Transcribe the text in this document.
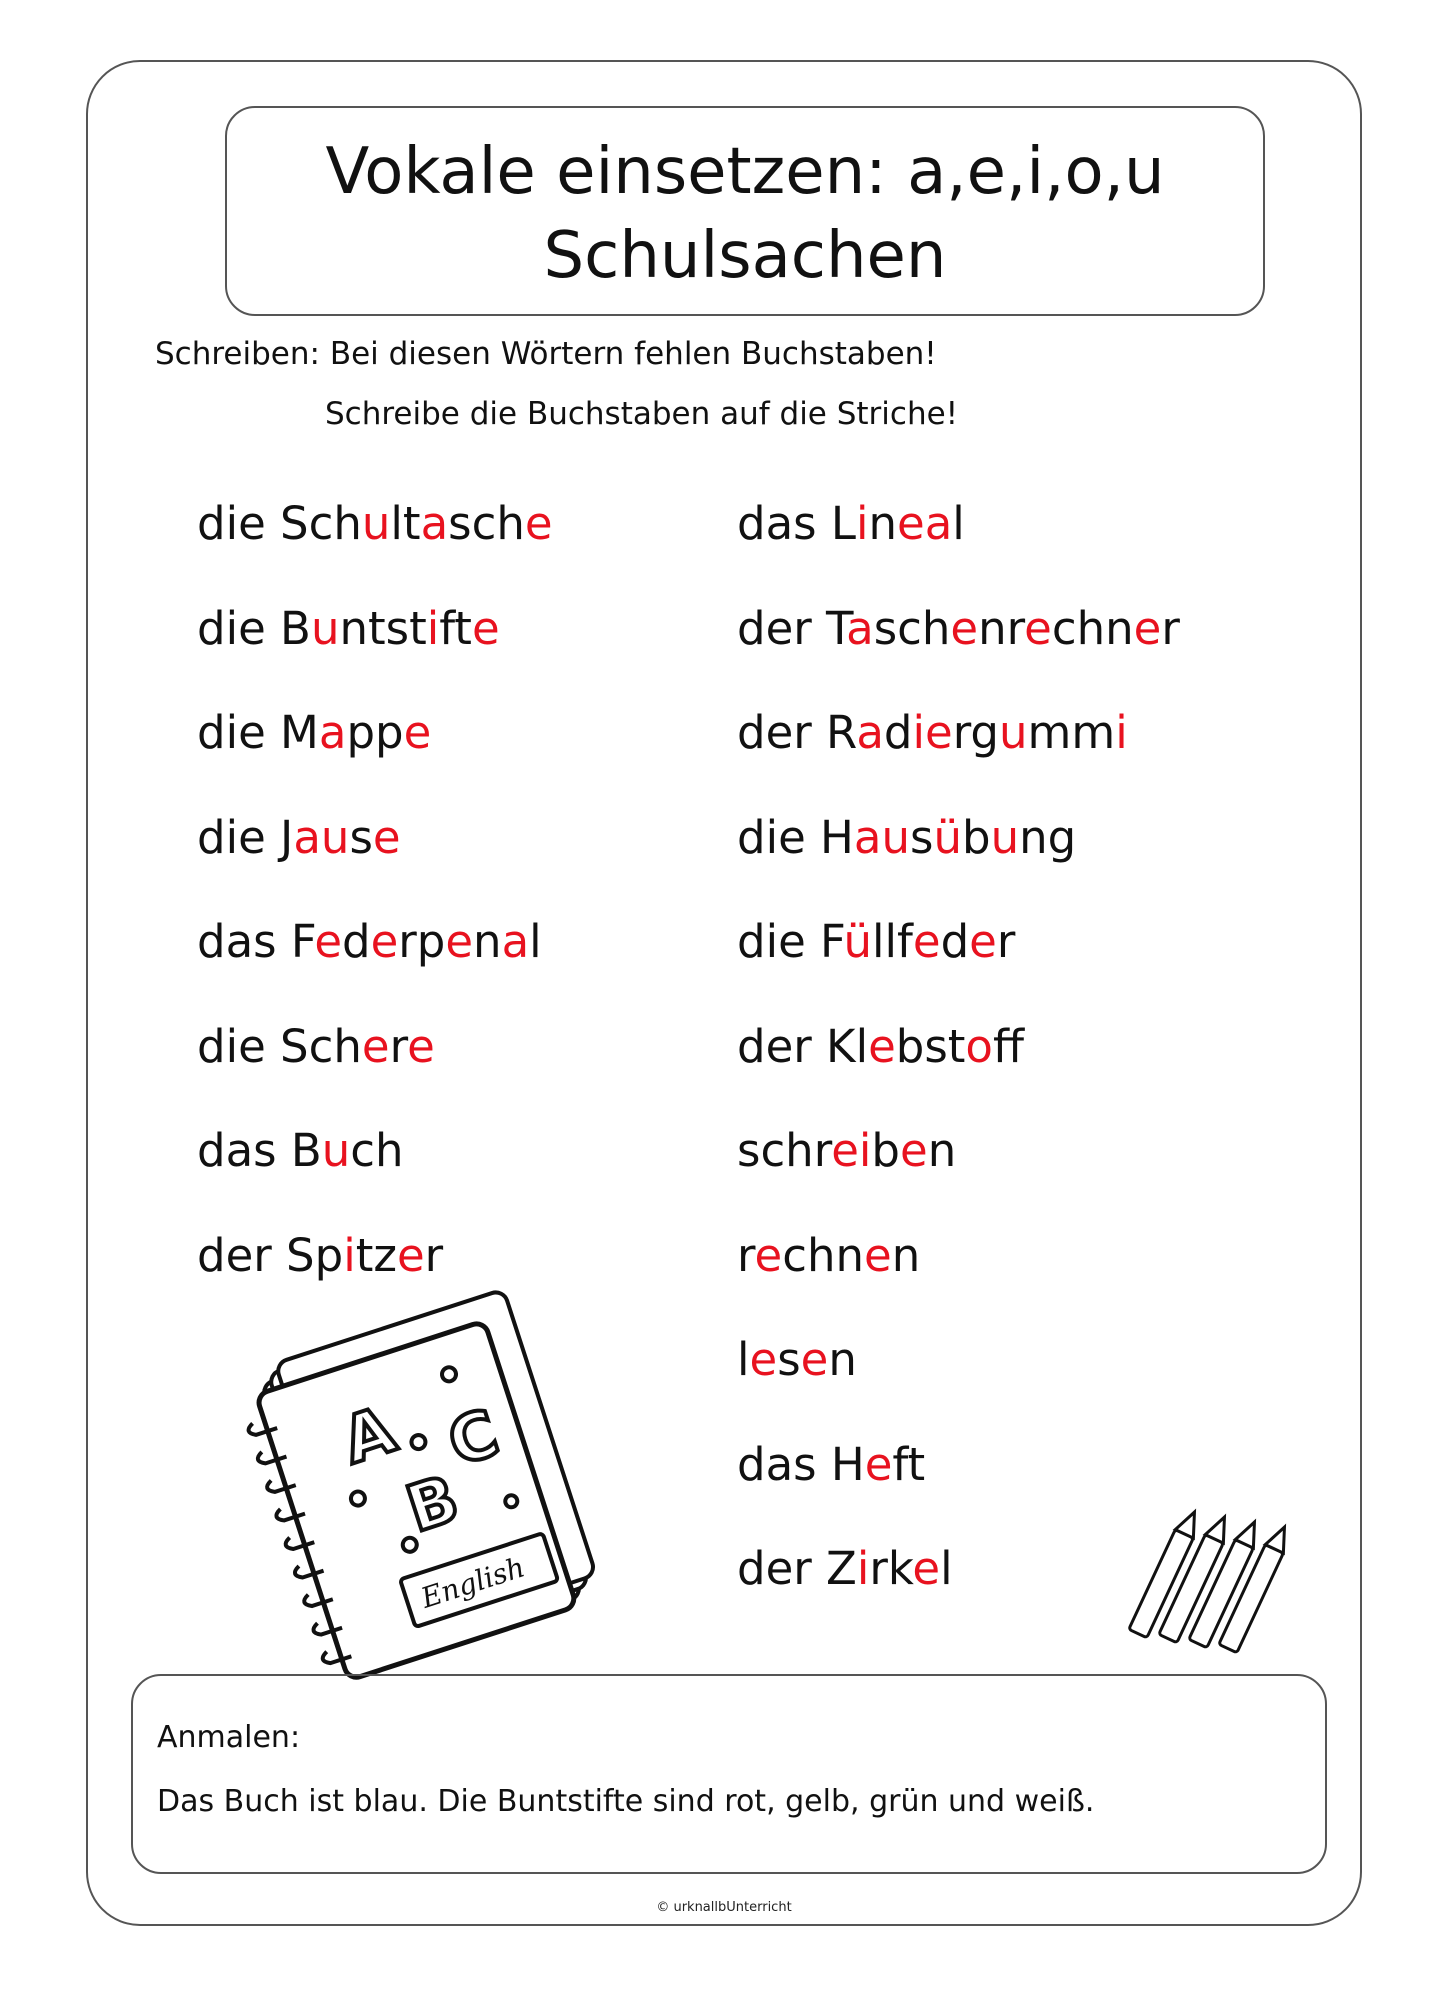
Vokale einsetzen: a,e,i,o,u
Schulsachen
Schreiben: Bei diesen Wörtern fehlen Buchstaben!
Schreibe die Buchstaben auf die Striche!
die Schultasche
die Buntstifte
die Mappe
die Jause
das Federpenal
die Schere
das Buch
der Spitzer
das Lineal
der Taschenrechner
der Radiergummi
die Hausübung
die Füllfeder
der Klebstoff
schreiben
rechnen
lesen
das Heft
der Zirkel
A
B
C
English
Anmalen:
Das Buch ist blau. Die Buntstifte sind rot, gelb, grün und weiß.
© urknallbUnterricht
